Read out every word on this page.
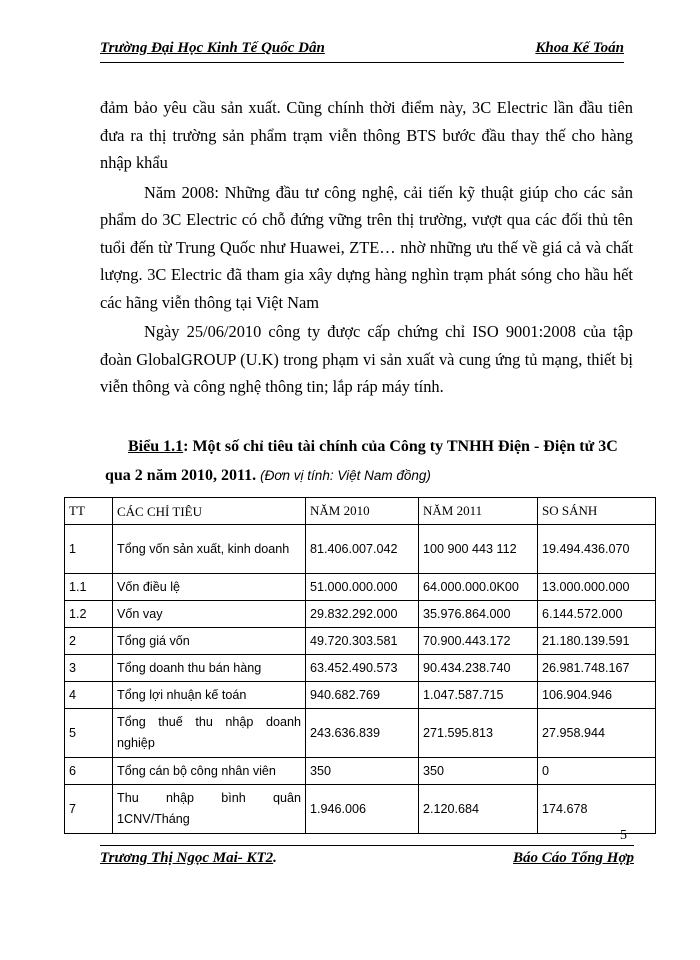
Trường Đại Học Kinh Tế Quốc Dân	Khoa Kế Toán

đảm bảo yêu cầu sản xuất. Cũng chính thời điểm này, 3C Electric lần đầu tiên đưa ra thị trường sản phẩm trạm viễn thông BTS bước đầu thay thế cho hàng nhập khẩu

Năm 2008: Những đầu tư công nghệ, cải tiến kỹ thuật giúp cho các sản phẩm do 3C Electric có chỗ đứng vững trên thị trường, vượt qua các đối thủ tên tuổi đến từ Trung Quốc như Huawei, ZTE… nhờ những ưu thế về giá cả và chất lượng. 3C Electric đã tham gia xây dựng hàng nghìn trạm phát sóng cho hầu hết các hãng viễn thông tại Việt Nam

Ngày 25/06/2010 công ty được cấp chứng chỉ ISO 9001:2008 của tập đoàn GlobalGROUP (U.K) trong phạm vi sản xuất và cung ứng tủ mạng, thiết bị viễn thông và công nghệ thông tin; lắp ráp máy tính.

Biểu 1.1: Một số chỉ tiêu tài chính của Công ty TNHH Điện - Điện tử 3C
qua 2 năm 2010, 2011. (Đơn vị tính: Việt Nam đồng)
TT	CÁC CHỈ TIÊU	NĂM 2010	NĂM 2011	SO SÁNH
1	Tổng vốn sản xuất, kinh doanh	81.406.007.042	100 900 443 112	19.494.436.070
1.1	Vốn điều lệ	51.000.000.000	64.000.000.0K00	13.000.000.000
1.2	Vốn vay	29.832.292.000	35.976.864.000	6.144.572.000
2	Tổng giá vốn	49.720.303.581	70.900.443.172	21.180.139.591
3	Tổng doanh thu bán hàng	63.452.490.573	90.434.238.740	26.981.748.167
4	Tổng lợi nhuận kế toán	940.682.769	1.047.587.715	106.904.946
5	Tổng thuế thu nhập doanh nghiệp	243.636.839	271.595.813	27.958.944
6	Tổng cán bộ công nhân viên	350	350	0
7	Thu nhập bình quân 1CNV/Tháng	1.946.006	2.120.684	174.678
5
Trương Thị Ngọc Mai- KT2.	Báo Cáo Tổng Hợp
